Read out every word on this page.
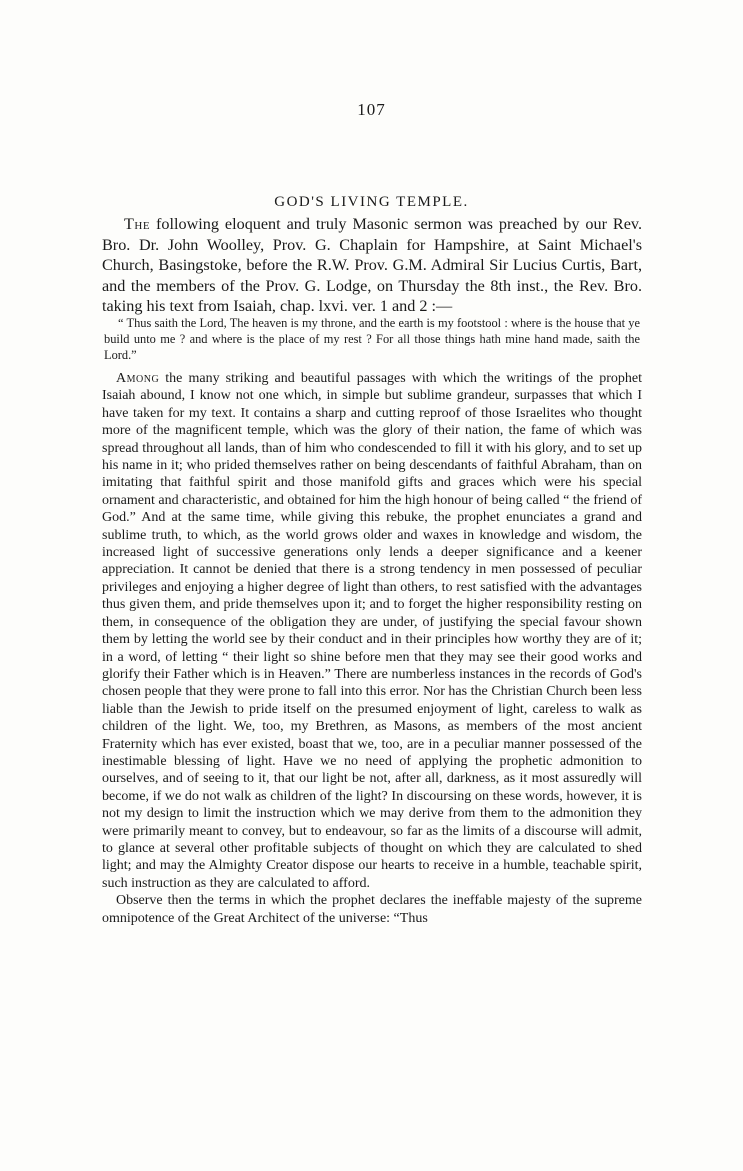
107
GOD'S LIVING TEMPLE.

The following eloquent and truly Masonic sermon was preached by our Rev. Bro. Dr. John Woolley, Prov. G. Chaplain for Hampshire, at Saint Michael's Church, Basingstoke, before the R.W. Prov. G.M. Admiral Sir Lucius Curtis, Bart, and the members of the Prov. G. Lodge, on Thursday the 8th inst., the Rev. Bro. taking his text from Isaiah, chap. lxvi. ver. 1 and 2 :—

“ Thus saith the Lord, The heaven is my throne, and the earth is my footstool : where is the house that ye build unto me ? and where is the place of my rest ? For all those things hath mine hand made, saith the Lord.”

Among the many striking and beautiful passages with which the writings of the prophet Isaiah abound, I know not one which, in simple but sublime grandeur, surpasses that which I have taken for my text. It contains a sharp and cutting reproof of those Israelites who thought more of the magnificent temple, which was the glory of their nation, the fame of which was spread throughout all lands, than of him who condescended to fill it with his glory, and to set up his name in it; who prided themselves rather on being descendants of faithful Abraham, than on imitating that faithful spirit and those manifold gifts and graces which were his special ornament and characteristic, and obtained for him the high honour of being called “ the friend of God.” And at the same time, while giving this rebuke, the prophet enunciates a grand and sublime truth, to which, as the world grows older and waxes in knowledge and wisdom, the increased light of successive generations only lends a deeper significance and a keener appreciation. It cannot be denied that there is a strong tendency in men possessed of peculiar privileges and enjoying a higher degree of light than others, to rest satisfied with the advantages thus given them, and pride themselves upon it; and to forget the higher responsibility resting on them, in consequence of the obligation they are under, of justifying the special favour shown them by letting the world see by their conduct and in their principles how worthy they are of it; in a word, of letting “ their light so shine before men that they may see their good works and glorify their Father which is in Heaven.” There are numberless instances in the records of God's chosen people that they were prone to fall into this error. Nor has the Christian Church been less liable than the Jewish to pride itself on the presumed enjoyment of light, careless to walk as children of the light. We, too, my Brethren, as Masons, as members of the most ancient Fraternity which has ever existed, boast that we, too, are in a peculiar manner possessed of the inestimable blessing of light. Have we no need of applying the prophetic admonition to ourselves, and of seeing to it, that our light be not, after all, darkness, as it most assuredly will become, if we do not walk as children of the light? In discoursing on these words, however, it is not my design to limit the instruction which we may derive from them to the admonition they were primarily meant to convey, but to endeavour, so far as the limits of a discourse will admit, to glance at several other profitable subjects of thought on which they are calculated to shed light; and may the Almighty Creator dispose our hearts to receive in a humble, teachable spirit, such instruction as they are calculated to afford.

Observe then the terms in which the prophet declares the ineffable majesty of the supreme omnipotence of the Great Architect of the universe: “Thus
